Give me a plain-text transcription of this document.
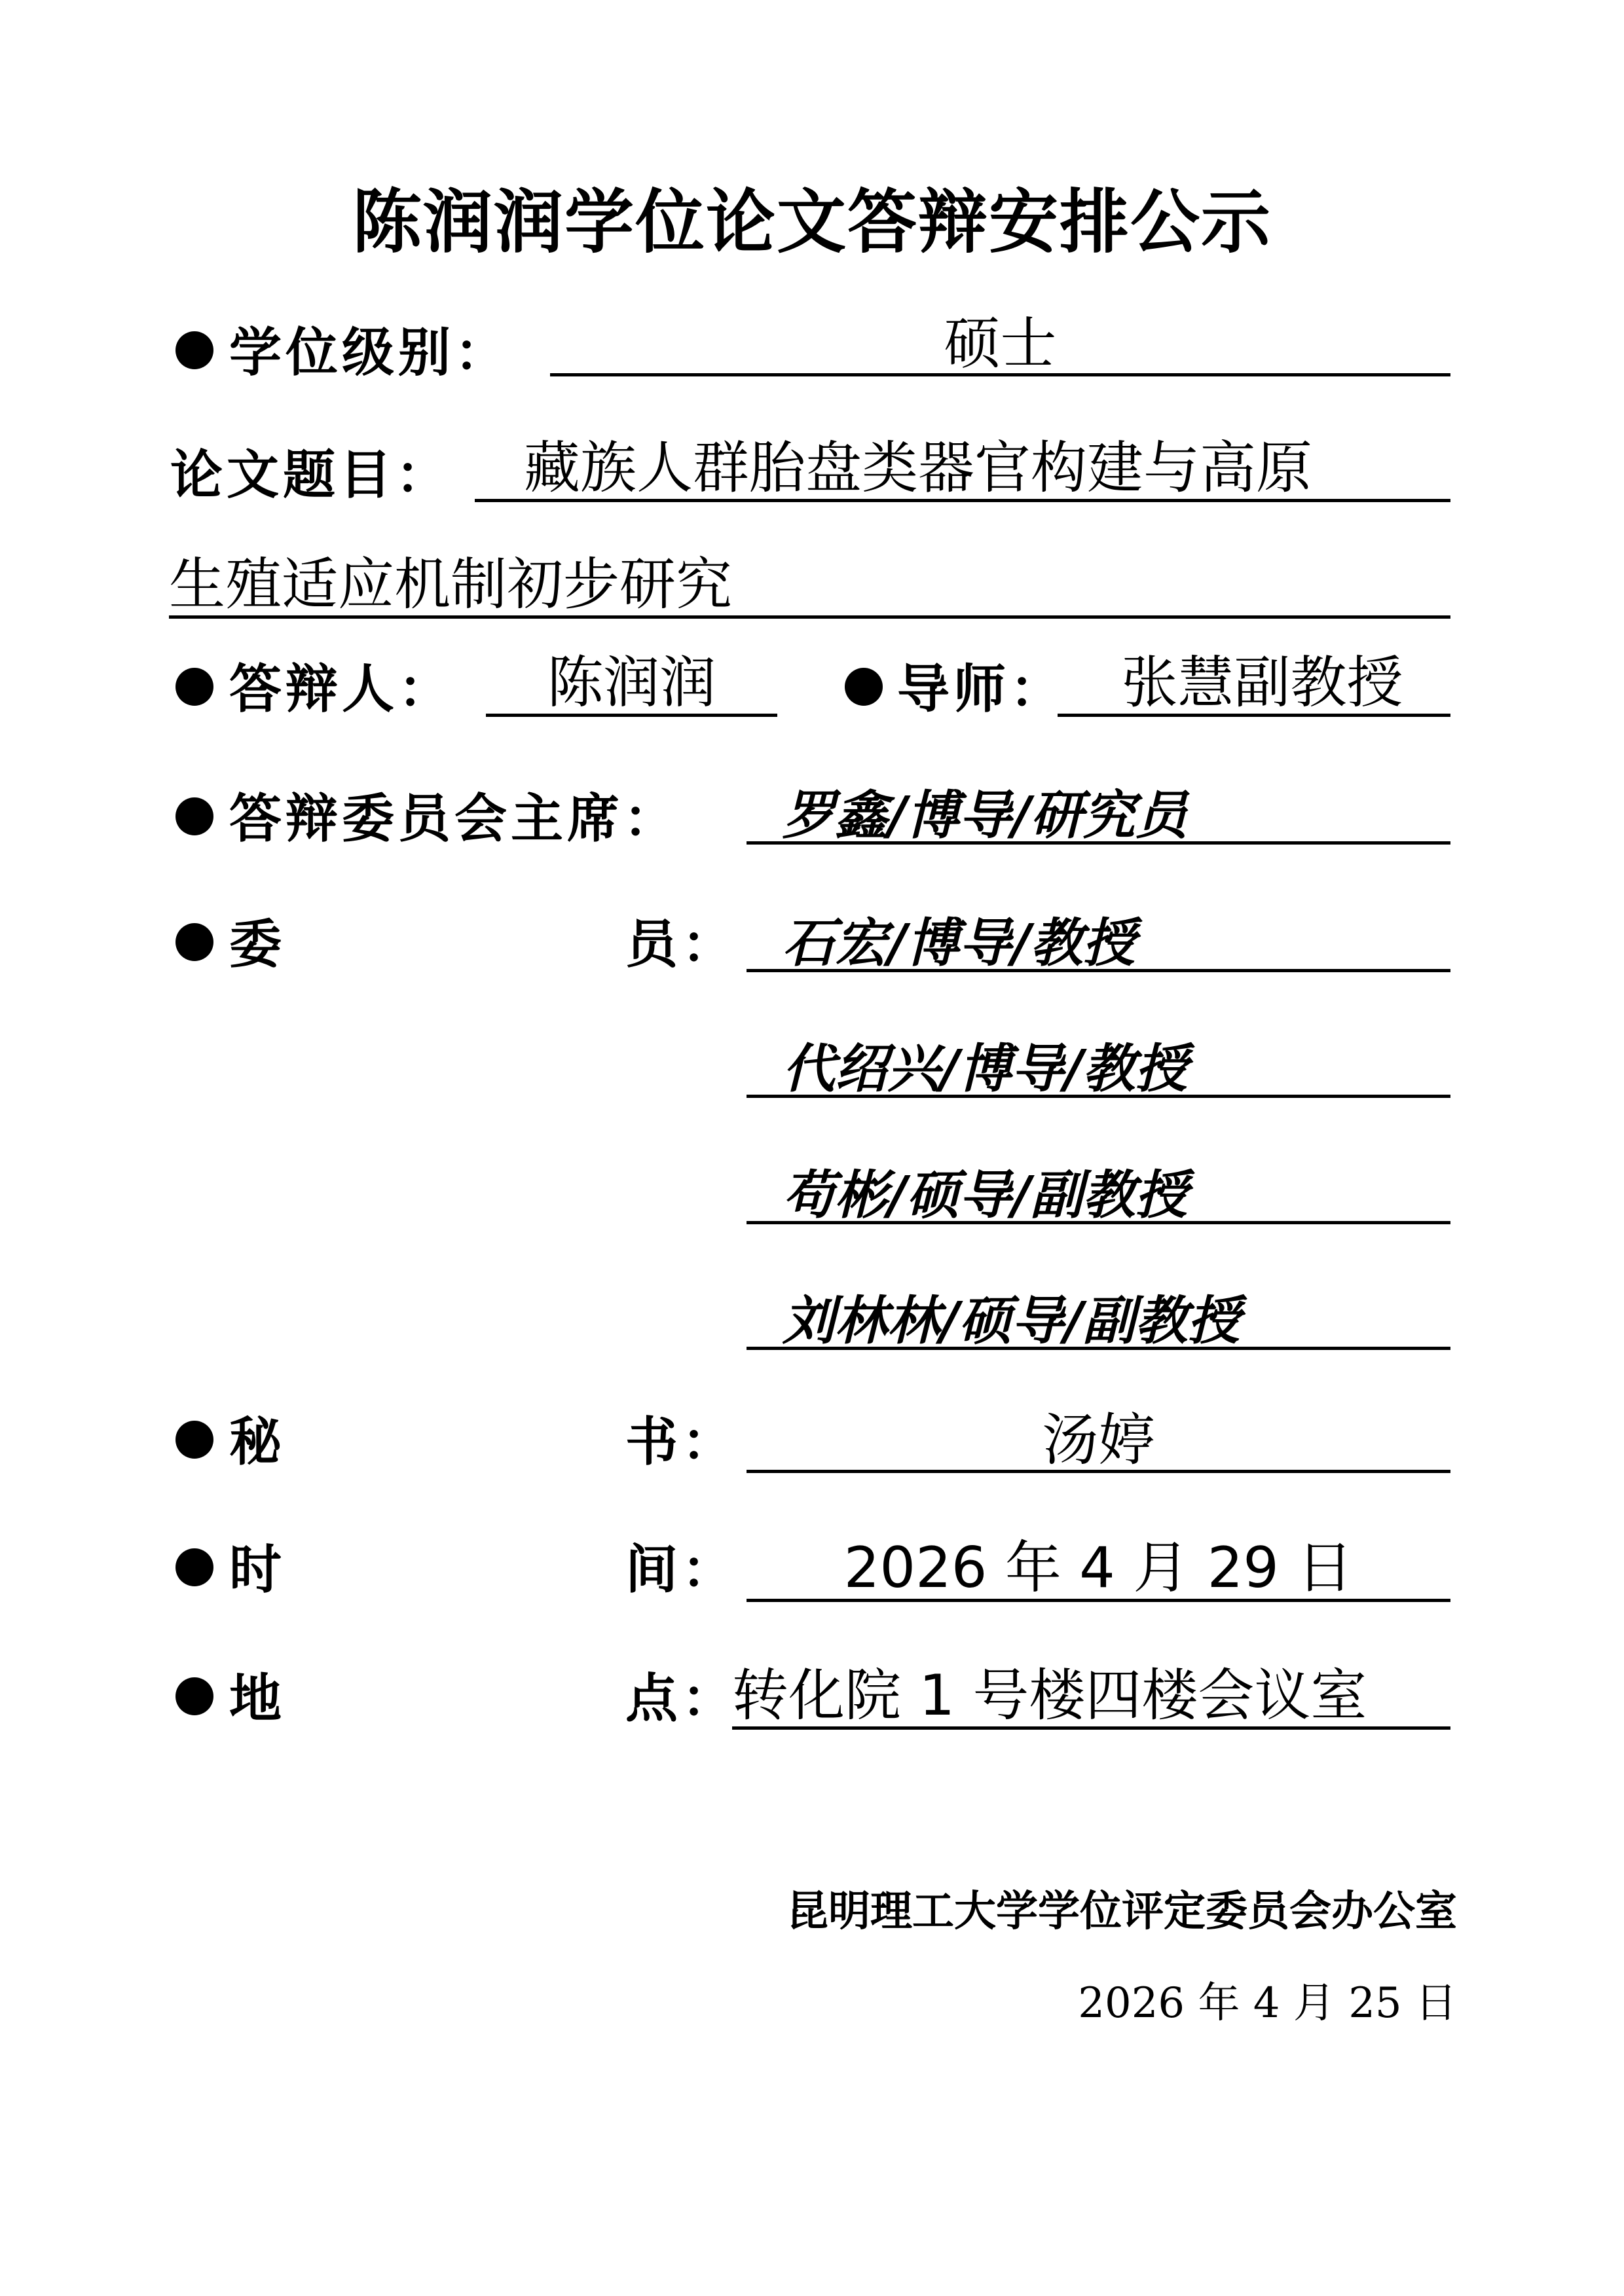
陈润润学位论文答辩安排公示
学位级别：	硕士
论文题目： 藏族人群胎盘类器官构建与高原
生殖适应机制初步研究
答辩人：	陈润润	导师： 张慧副教授
答辩委员会主席： 罗鑫/博导/研究员
委	员： 石宏/博导/教授
代绍兴/博导/教授
苟彬/硕导/副教授
刘林林/硕导/副教授
秘	书：	汤婷
时	间：	2026 年 4 月 29 日
地	点：
转化院 1 号楼四楼会议室
昆明理工大学学位评定委员会办公室
2026 年 4 月 25 日
